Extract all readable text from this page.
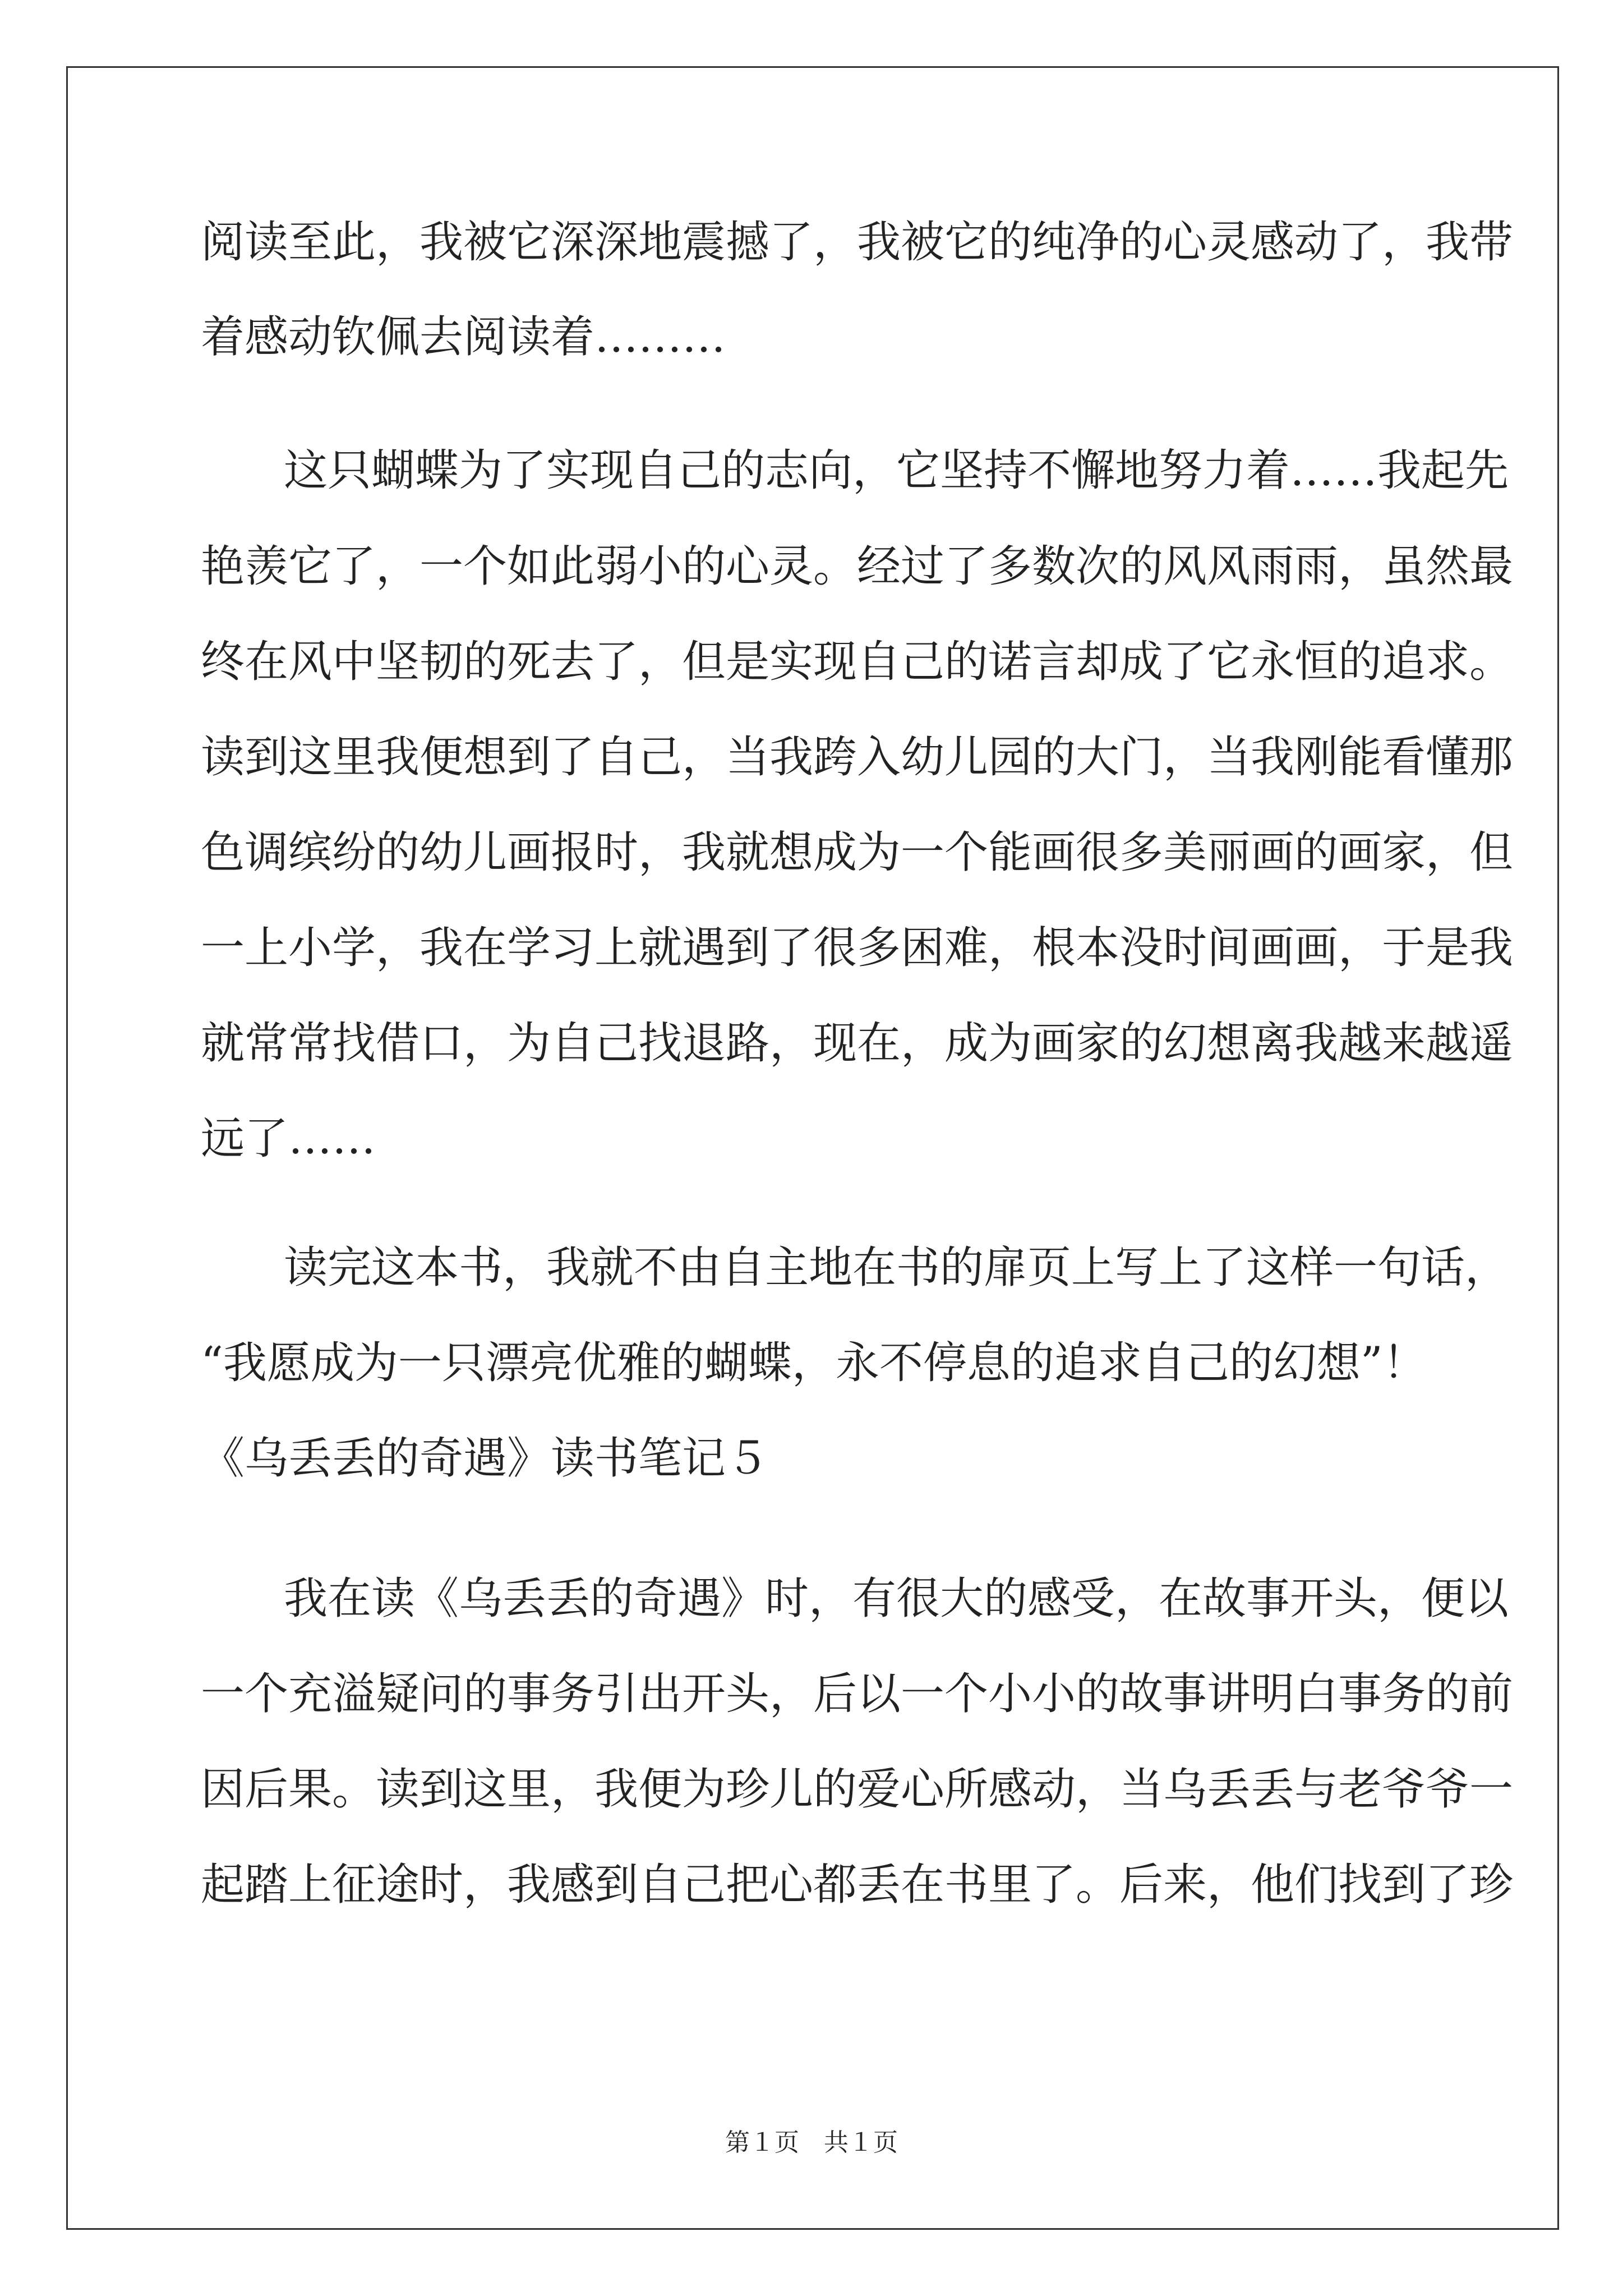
阅读至此，我被它深深地震撼了，我被它的纯净的心灵感动了，我带
着感动钦佩去阅读着………
这只蝴蝶为了实现自己的志向，它坚持不懈地努力着……我起先
艳羡它了，一个如此弱小的心灵。经过了多数次的风风雨雨，虽然最
终在风中坚韧的死去了，但是实现自己的诺言却成了它永恒的追求。
读到这里我便想到了自己，当我跨入幼儿园的大门，当我刚能看懂那
色调缤纷的幼儿画报时，我就想成为一个能画很多美丽画的画家，但
一上小学，我在学习上就遇到了很多困难，根本没时间画画，于是我
就常常找借口，为自己找退路，现在，成为画家的幻想离我越来越遥
远了……
读完这本书，我就不由自主地在书的扉页上写上了这样一句话，
“我愿成为一只漂亮优雅的蝴蝶，永不停息的追求自己的幻想”！
《乌丢丢的奇遇》读书笔记５
我在读《乌丢丢的奇遇》时，有很大的感受，在故事开头，便以
一个充溢疑问的事务引出开头，后以一个小小的故事讲明白事务的前
因后果。读到这里，我便为珍儿的爱心所感动，当乌丢丢与老爷爷一
起踏上征途时，我感到自己把心都丢在书里了。后来，他们找到了珍
第１页　共１页
